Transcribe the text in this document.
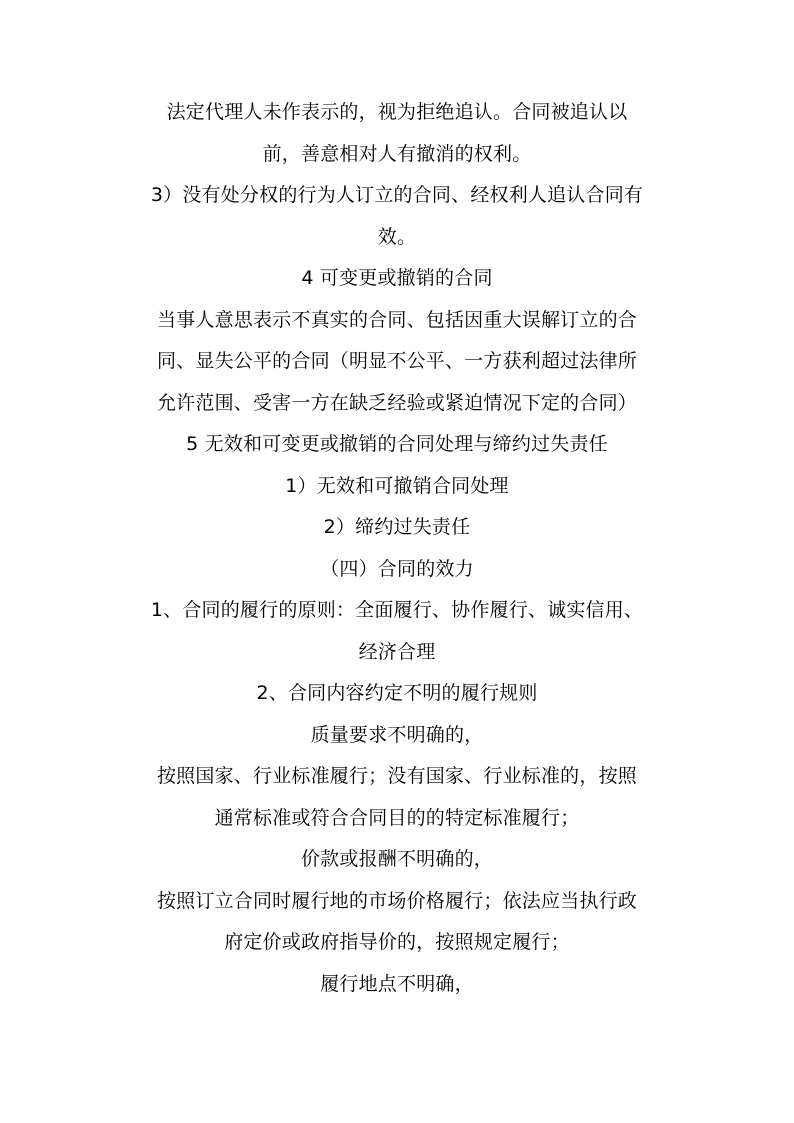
法定代理人未作表示的，视为拒绝追认。合同被追认以

前，善意相对人有撤消的权利。

3）没有处分权的行为人订立的合同、经权利人追认合同有

效。

4 可变更或撤销的合同

当事人意思表示不真实的合同、包括因重大误解订立的合

同、显失公平的合同（明显不公平、一方获利超过法律所

允许范围、受害一方在缺乏经验或紧迫情况下定的合同）

5 无效和可变更或撤销的合同处理与缔约过失责任

1）无效和可撤销合同处理

2）缔约过失责任

（四）合同的效力

1、合同的履行的原则：全面履行、协作履行、诚实信用、

经济合理

2、合同内容约定不明的履行规则

质量要求不明确的，

按照国家、行业标准履行；没有国家、行业标准的，按照

通常标准或符合合同目的的特定标准履行；

价款或报酬不明确的，

按照订立合同时履行地的市场价格履行；依法应当执行政

府定价或政府指导价的，按照规定履行；

履行地点不明确，
